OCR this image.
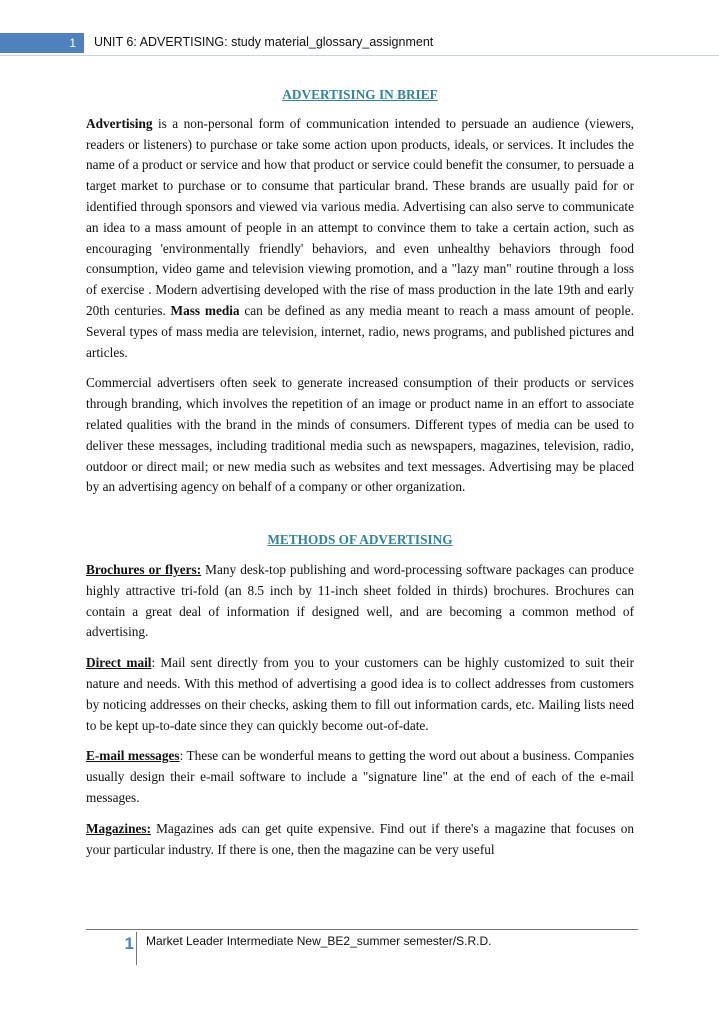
1	UNIT 6: ADVERTISING: study material_glossary_assignment
ADVERTISING IN BRIEF

Advertising is a non-personal form of communication intended to persuade an audience (viewers, readers or listeners) to purchase or take some action upon products, ideals, or services. It includes the name of a product or service and how that product or service could benefit the consumer, to persuade a target market to purchase or to consume that particular brand. These brands are usually paid for or identified through sponsors and viewed via various media. Advertising can also serve to communicate an idea to a mass amount of people in an attempt to convince them to take a certain action, such as encouraging 'environmentally friendly' behaviors, and even unhealthy behaviors through food consumption, video game and television viewing promotion, and a "lazy man" routine through a loss of exercise . Modern advertising developed with the rise of mass production in the late 19th and early 20th centuries. Mass media can be defined as any media meant to reach a mass amount of people. Several types of mass media are television, internet, radio, news programs, and published pictures and articles.

Commercial advertisers often seek to generate increased consumption of their products or services through branding, which involves the repetition of an image or product name in an effort to associate related qualities with the brand in the minds of consumers. Different types of media can be used to deliver these messages, including traditional media such as newspapers, magazines, television, radio, outdoor or direct mail; or new media such as websites and text messages. Advertising may be placed by an advertising agency on behalf of a company or other organization.

METHODS OF ADVERTISING

Brochures or flyers: Many desk-top publishing and word-processing software packages can produce highly attractive tri-fold (an 8.5 inch by 11-inch sheet folded in thirds) brochures. Brochures can contain a great deal of information if designed well, and are becoming a common method of advertising.

Direct mail: Mail sent directly from you to your customers can be highly customized to suit their nature and needs. With this method of advertising a good idea is to collect addresses from customers by noticing addresses on their checks, asking them to fill out information cards, etc. Mailing lists need to be kept up-to-date since they can quickly become out-of-date.

E-mail messages: These can be wonderful means to getting the word out about a business. Companies usually design their e-mail software to include a "signature line" at the end of each of the e-mail messages.

Magazines: Magazines ads can get quite expensive. Find out if there's a magazine that focuses on your particular industry. If there is one, then the magazine can be very useful

1 Market Leader Intermediate New_BE2_summer semester/S.R.D.
